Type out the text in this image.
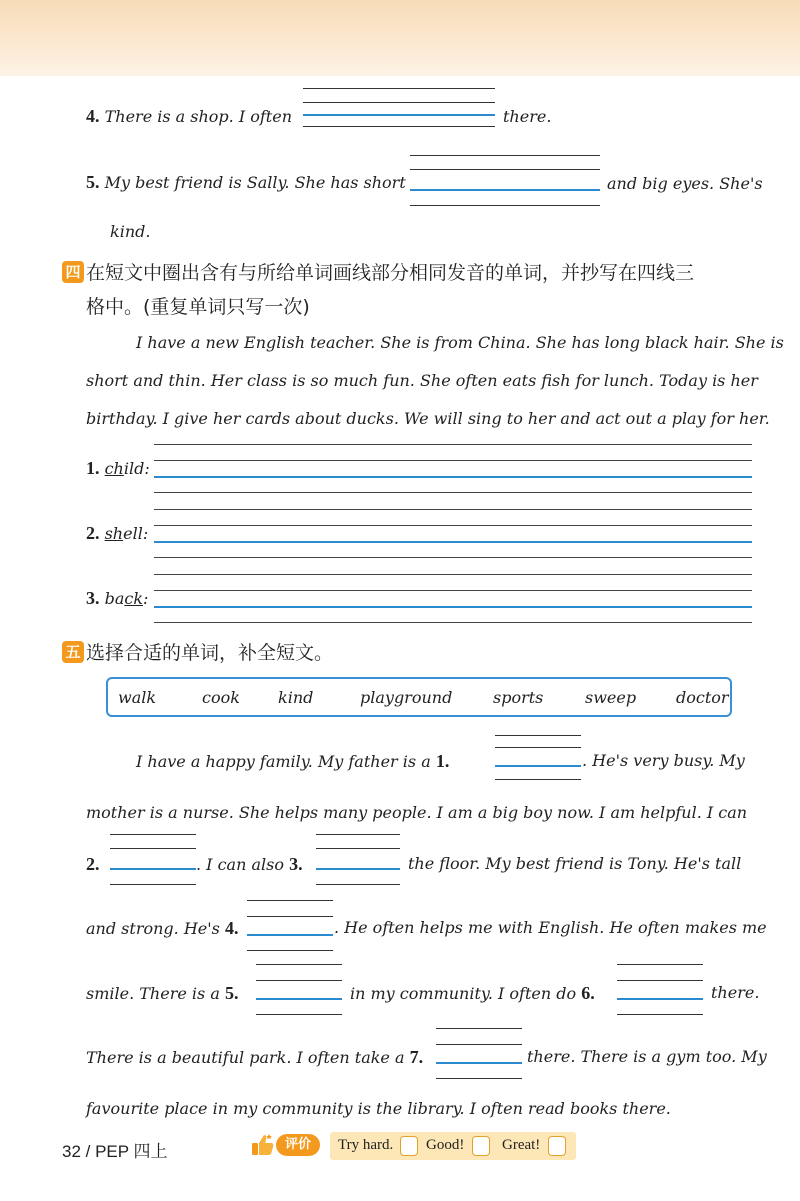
4. There is a shop. I often	there.
5. My best friend is Sally. She has short	and big eyes. She's
kind.
四 在短文中圈出含有与所给单词画线部分相同发音的单词，并抄写在四线三
格中。(重复单词只写一次)
I have a new English teacher. She is from China. She has long black hair. She is
short and thin. Her class is so much fun. She often eats fish for lunch. Today is her
birthday. I give her cards about ducks. We will sing to her and act out a play for her.
1. child:
2. shell:
3. back:
五 选择合适的单词，补全短文。
walk	cook kind	playground	sports	sweep doctor
I have a happy family. My father is a 1.	. He's very busy. My
mother is a nurse. She helps many people. I am a big boy now. I am helpful. I can
2.	. I can also 3.	the floor. My best friend is Tony. He's tall
and strong. He's 4.	. He often helps me with English. He often makes me
smile. There is a 5.	in my community. I often do 6.	there.
There is a beautiful park. I often take a 7.	there. There is a gym too. My
favourite place in my community is the library. I often read books there.
32 / PEP 四上	评价	Try hard. Good!	Great!
